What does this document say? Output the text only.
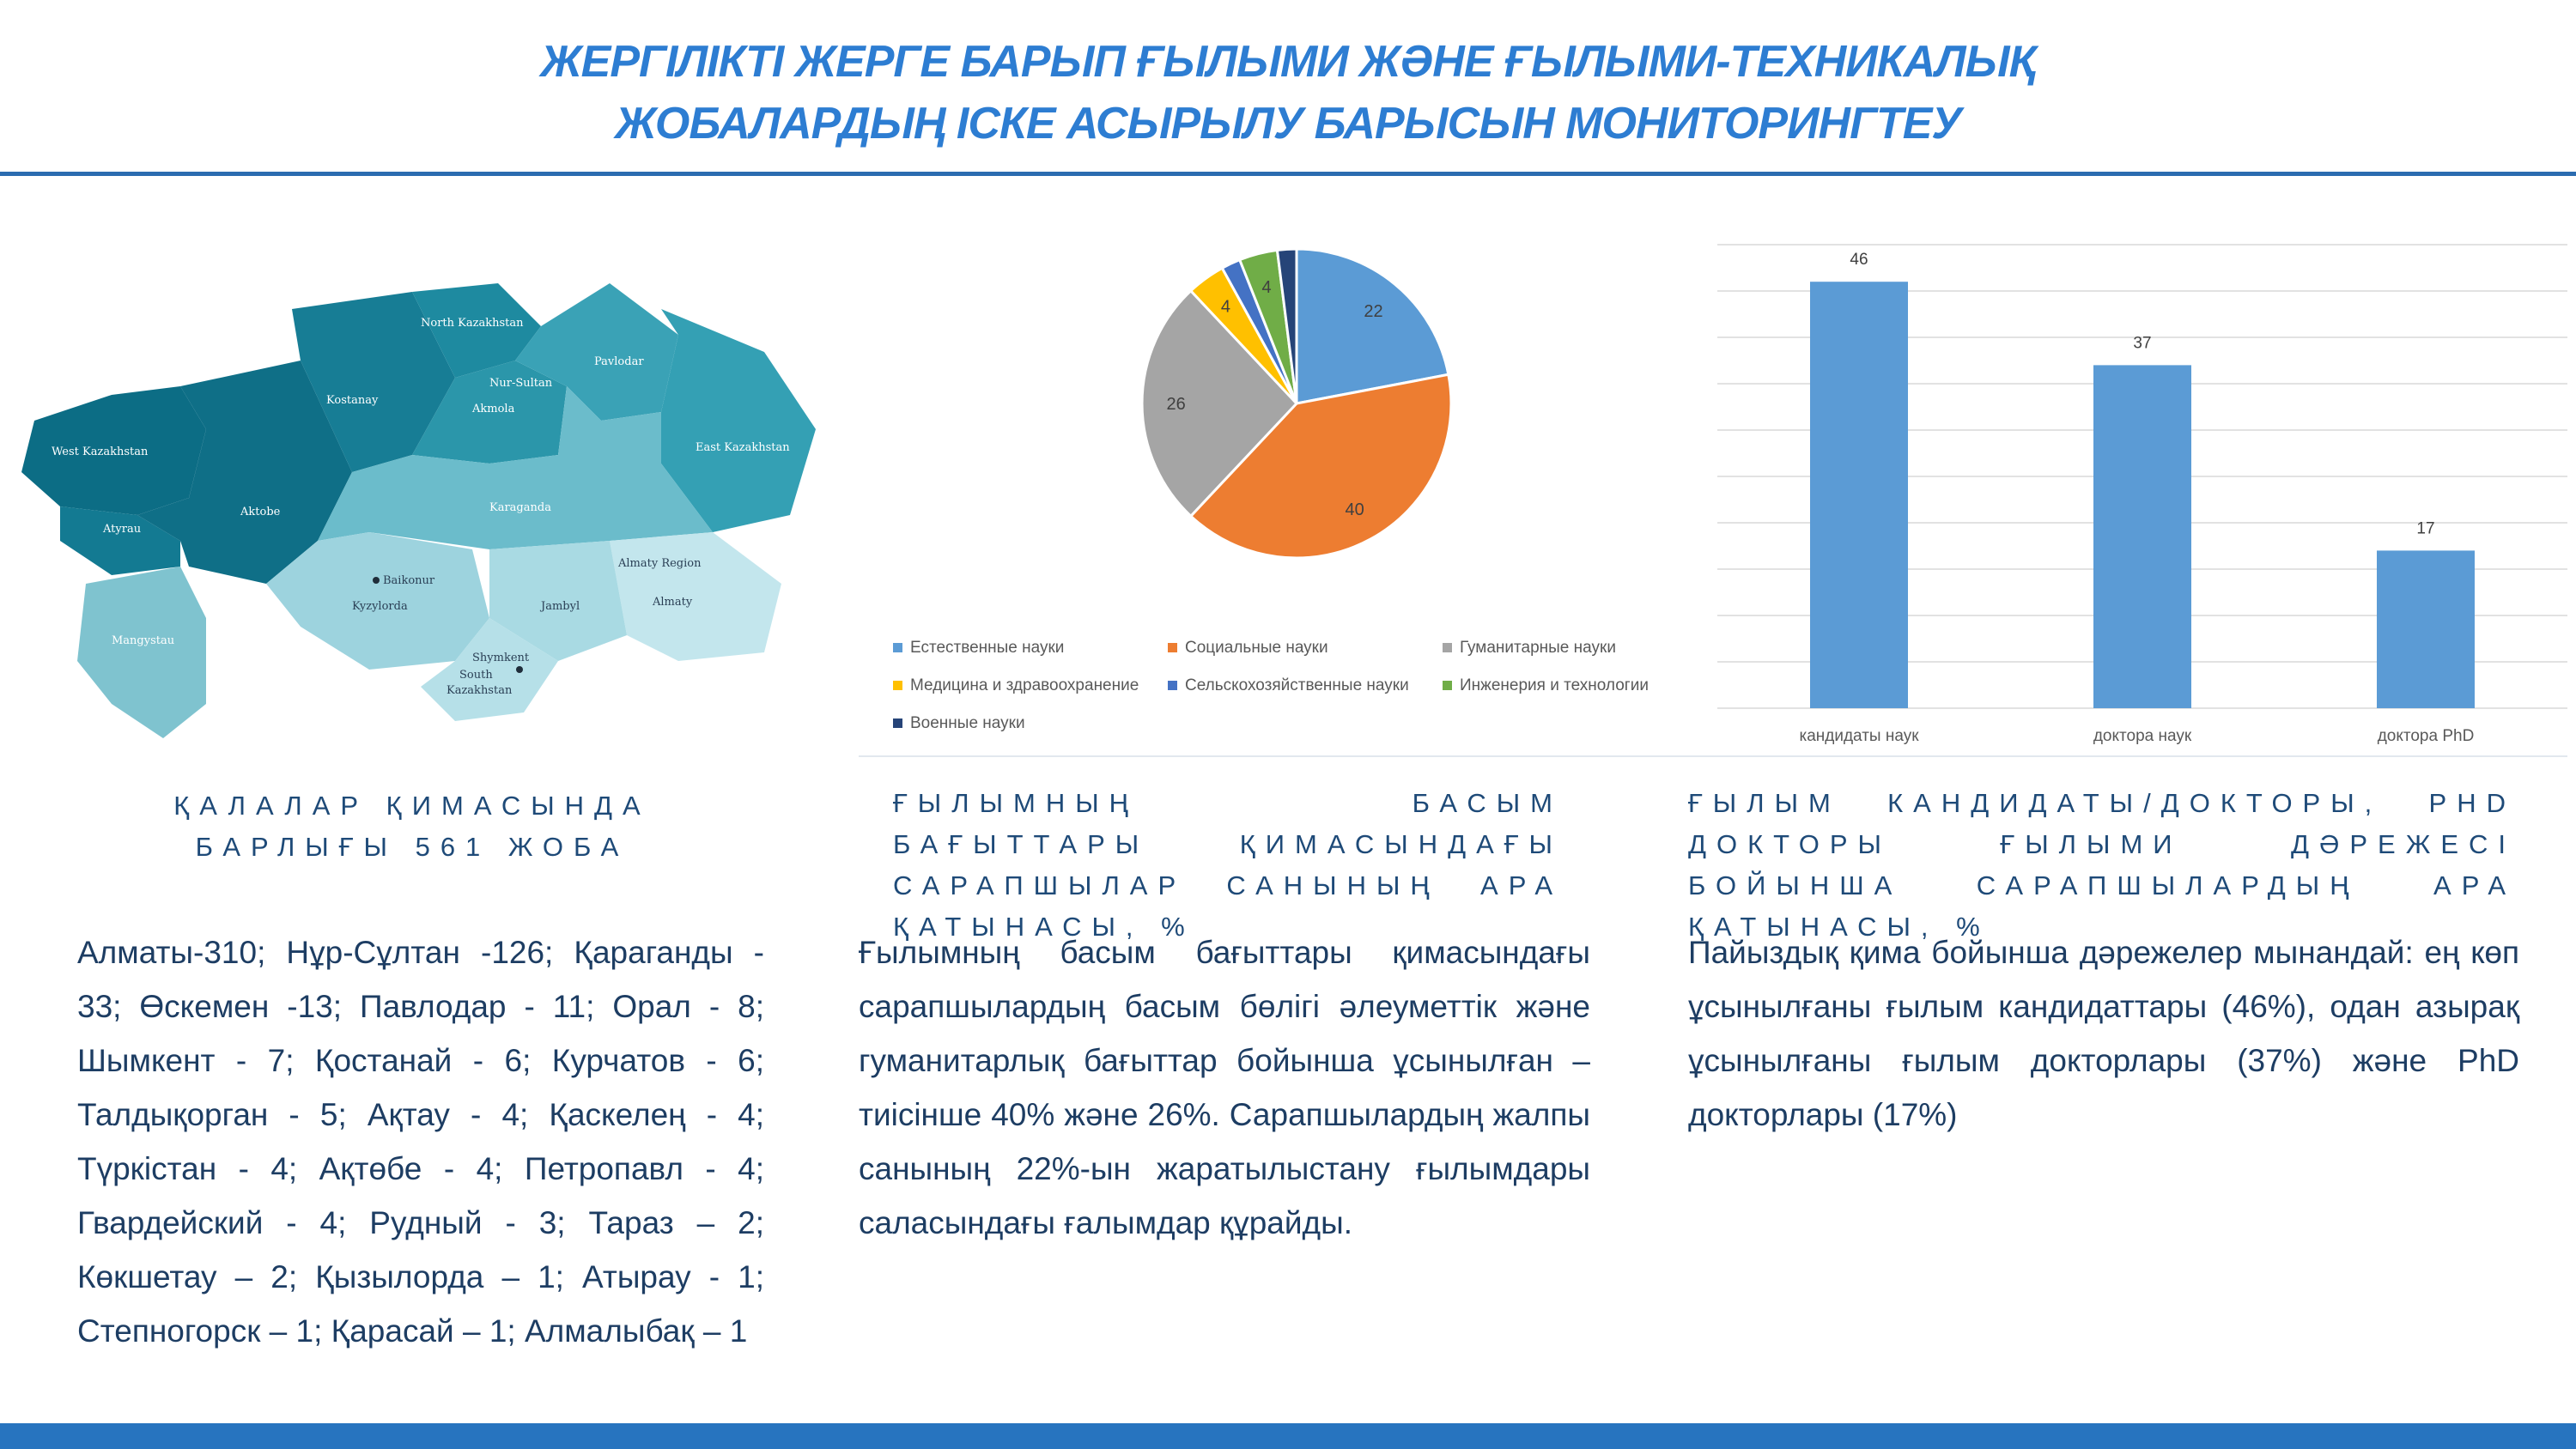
ЖЕРГІЛІКТІ ЖЕРГЕ БАРЫП ҒЫЛЫМИ ЖӘНЕ ҒЫЛЫМИ-ТЕХНИКАЛЫҚ
ЖОБАЛАРДЫҢ ІСКЕ АСЫРЫЛУ БАРЫСЫН МОНИТОРИНГТЕУ
North Kazakhstan
Kostanay
Nur-Sultan
Akmola
Pavlodar
East Kazakhstan
West Kazakhstan
Aktobe
Atyrau
Karaganda
Almaty Region
Baikonur
Kyzylorda	Jambyl	Almaty
Mangystau
Shymkent
South
Kazakhstan
22
40
26
4
4
Естественные науки	Социальные науки	Гуманитарные науки
Медицина и здравоохранение	Сельскохозяйственные науки	Инженерия и технологии
Военные науки
46
кандидаты наук
37
доктора наук
17
доктора PhD
ҚАЛАЛАР ҚИМАСЫНДА
БАРЛЫҒЫ 561 ЖОБА
Алматы-310; Нұр-Сұлтан -126; Қараганды - 33; Өскемен -13; Павлодар - 11; Орал - 8; Шымкент - 7; Қостанай - 6; Курчатов - 6; Талдықорган - 5; Ақтау - 4; Қаскелең - 4; Түркістан - 4; Ақтөбе - 4; Петропавл - 4; Гвардейский - 4; Рудный - 3; Тараз – 2; Көкшетау – 2; Қызылорда – 1; Атырау - 1; Степногорск – 1; Қарасай – 1; Алмалыбақ – 1
ҒЫЛЫМНЫҢ БАСЫМ БАҒЫТТАРЫ ҚИМАСЫНДАҒЫ САРАПШЫЛАР САНЫНЫҢ АРА ҚАТЫНАСЫ, %
Ғылымның басым бағыттары қимасындағы сарапшылардың басым бөлігі әлеуметтік және гуманитарлық бағыттар бойынша ұсынылған – тиісінше 40% және 26%. Сарапшылардың жалпы санының 22%-ын жаратылыстану ғылымдары саласындағы ғалымдар құрайды.
ҒЫЛЫМ КАНДИДАТЫ/ДОКТОРЫ, PHD ДОКТОРЫ ҒЫЛЫМИ ДӘРЕЖЕСІ БОЙЫНША САРАПШЫЛАРДЫҢ АРА ҚАТЫНАСЫ, %
Пайыздық қима бойынша дәрежелер мынандай: ең көп ұсынылғаны ғылым кандидаттары (46%), одан азырақ ұсынылғаны ғылым докторлары (37%) және PhD докторлары (17%)
